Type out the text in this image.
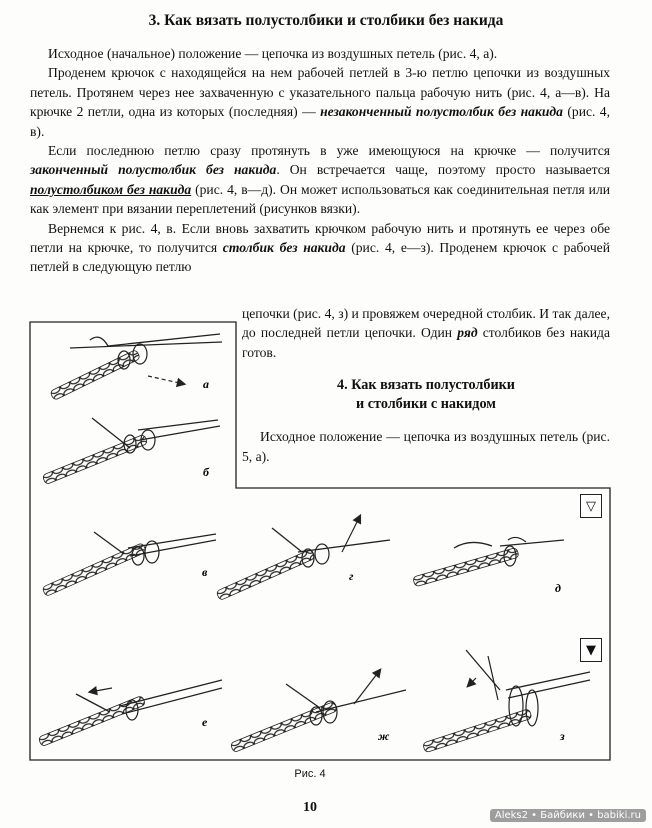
3. Как вязать полустолбики и столбики без накида

Исходное (начальное) положение — цепочка из воздушных петель (рис. 4, а).

Проденем крючок с находящейся на нем рабочей петлей в 3-ю петлю цепочки из воздушных петель. Протянем через нее захваченную с указательного пальца рабочую нить (рис. 4, а—в). На крючке 2 петли, одна из которых (последняя) — незаконченный полустолбик без накида (рис. 4, в).

Если последнюю петлю сразу протянуть в уже имеющуюся на крючке — получится законченный полустолбик без накида. Он встречается чаще, поэтому просто называется полустолбиком без накида (рис. 4, в—д). Он может использоваться как соединительная петля или как элемент при вязании переплетений (рисунков вязки).

Вернемся к рис. 4, в. Если вновь захватить крючком рабочую нить и протянуть ее через обе петли на крючке, то получится столбик без накида (рис. 4, е—з). Проденем крючок с рабочей петлей в следующую петлю

цепочки (рис. 4, з) и провяжем очередной столбик. И так далее, до последней петли цепочки. Один ряд столбиков без накида готов.

4. Как вязать полустолбики
и столбики с накидом

Исходное положение — цепочка из воздушных петель (рис. 5, а).

а
б
в	г
д
е
ж	з
▽
▼
Рис. 4
10
Aleks2 • Байбики • babiki.ru
